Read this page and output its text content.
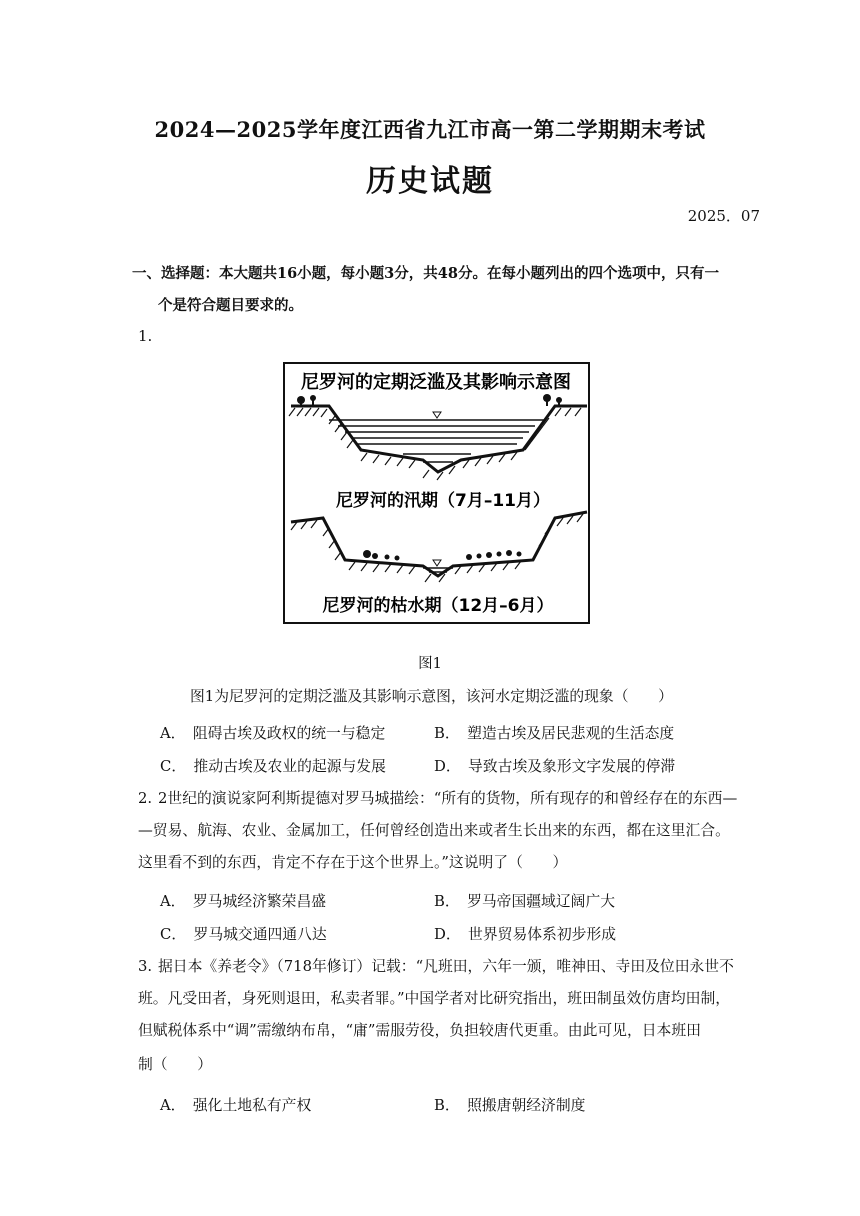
2024—2025学年度江西省九江市高一第二学期期末考试
历史试题
2025．07
一、选择题：本大题共16小题，每小题3分，共48分。在每小题列出的四个选项中，只有一
个是符合题目要求的。
1.
尼罗河的定期泛滥及其影响示意图
尼罗河的汛期（7月–11月）
尼罗河的枯水期（12月–6月）
图1
图1为尼罗河的定期泛滥及其影响示意图，该河水定期泛滥的现象（　　）
A．　阻碍古埃及政权的统一与稳定	B．　塑造古埃及居民悲观的生活态度
C．　推动古埃及农业的起源与发展	D．　导致古埃及象形文字发展的停滞
2. 2世纪的演说家阿利斯提德对罗马城描绘：“所有的货物，所有现存的和曾经存在的东西—
—贸易、航海、农业、金属加工，任何曾经创造出来或者生长出来的东西，都在这里汇合。
这里看不到的东西，肯定不存在于这个世界上。”这说明了（　　）
A．　罗马城经济繁荣昌盛	B．　罗马帝国疆域辽阔广大
C．　罗马城交通四通八达	D．　世界贸易体系初步形成
3. 据日本《养老令》（718年修订）记载：“凡班田，六年一颁，唯神田、寺田及位田永世不
班。凡受田者，身死则退田，私卖者罪。”中国学者对比研究指出，班田制虽效仿唐均田制，
但赋税体系中“调”需缴纳布帛，“庸”需服劳役，负担较唐代更重。由此可见，日本班田
制（　　）
A．　强化土地私有产权	B．　照搬唐朝经济制度
